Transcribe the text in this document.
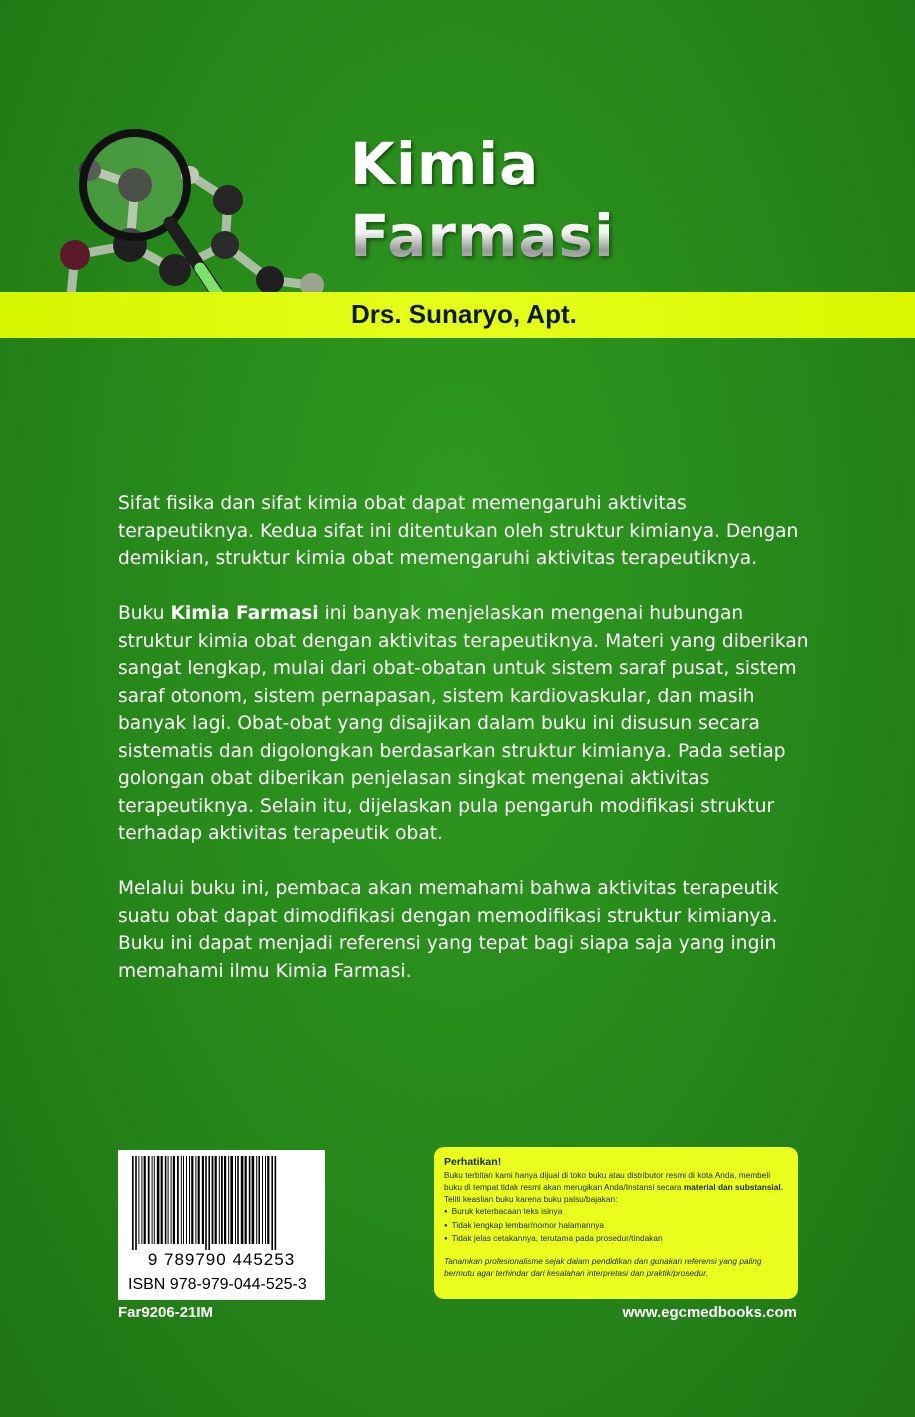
Kimia
Farmasi
Drs. Sunaryo, Apt.

Sifat fisika dan sifat kimia obat dapat memengaruhi aktivitas terapeutiknya. Kedua sifat ini ditentukan oleh struktur kimianya. Dengan demikian, struktur kimia obat memengaruhi aktivitas terapeutiknya.

Buku Kimia Farmasi ini banyak menjelaskan mengenai hubungan struktur kimia obat dengan aktivitas terapeutiknya. Materi yang diberikan sangat lengkap, mulai dari obat-obatan untuk sistem saraf pusat, sistem saraf otonom, sistem pernapasan, sistem kardiovaskular, dan masih banyak lagi. Obat-obat yang disajikan dalam buku ini disusun secara sistematis dan digolongkan berdasarkan struktur kimianya. Pada setiap golongan obat diberikan penjelasan singkat mengenai aktivitas terapeutiknya. Selain itu, dijelaskan pula pengaruh modifikasi struktur terhadap aktivitas terapeutik obat.

Melalui buku ini, pembaca akan memahami bahwa aktivitas terapeutik suatu obat dapat dimodifikasi dengan memodifikasi struktur kimianya. Buku ini dapat menjadi referensi yang tepat bagi siapa saja yang ingin memahami ilmu Kimia Farmasi.

9 789790 445253
ISBN 978-979-044-525-3
Far9206-21IM
Perhatikan!
Buku terbitan kami hanya dijual di toko buku atau distributor resmi di kota Anda, membeli buku di tempat tidak resmi akan merugikan Anda/Instansi secara material dan substansial. Teliti keaslian buku karena buku palsu/bajakan:
● Buruk keterbacaan teks isinya
● Tidak lengkap lembar/nomor halamannya
● Tidak jelas cetakannya, terutama pada prosedur/tindakan
Tanamkan profesionalisme sejak dalam pendidikan dan gunakan referensi yang paling bermutu agar terhindar dari kesalahan interpretasi dan praktik/prosedur.
www.egcmedbooks.com
